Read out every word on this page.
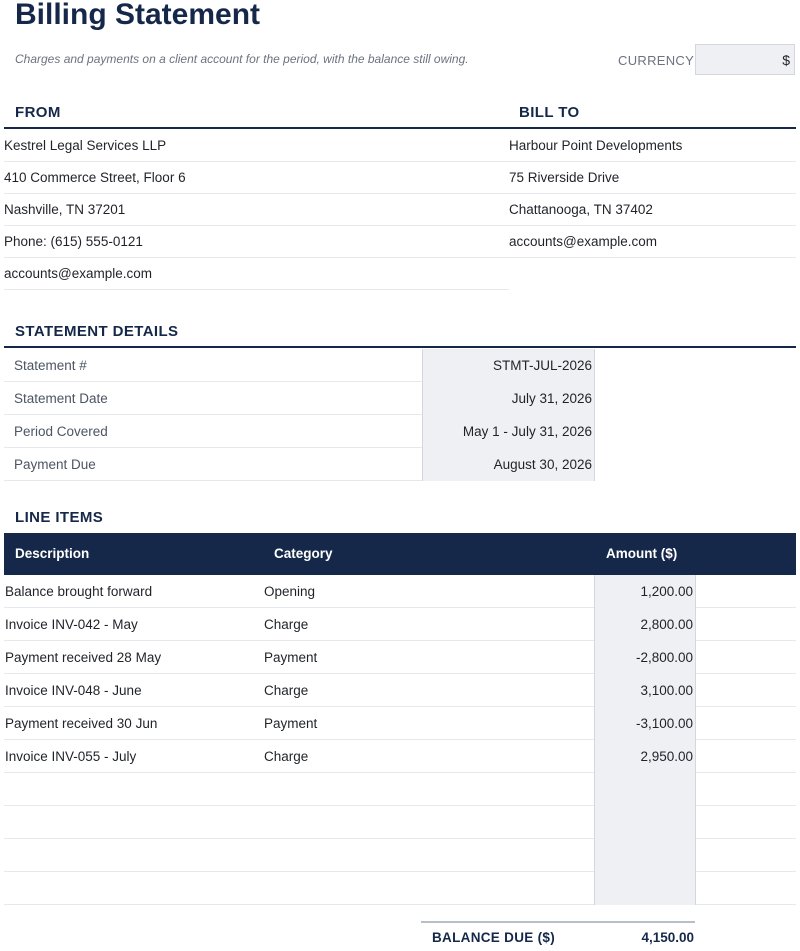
Billing Statement
Charges and payments on a client account for the period, with the balance still owing.	CURRENCY	$
FROM	BILL TO
Kestrel Legal Services LLP
410 Commerce Street, Floor 6
Nashville, TN 37201
Phone: (615) 555-0121
accounts@example.com
Harbour Point Developments
75 Riverside Drive
Chattanooga, TN 37402
accounts@example.com
STATEMENT DETAILS
Statement #	STMT-JUL-2026
Statement Date	July 31, 2026
Period Covered	May 1 - July 31, 2026
Payment Due	August 30, 2026
LINE ITEMS
Description	Category	Amount ($)
Balance brought forward	Opening	1,200.00
Invoice INV-042 - May	Charge	2,800.00
Payment received 28 May	Payment	-2,800.00
Invoice INV-048 - June	Charge	3,100.00
Payment received 30 Jun	Payment	-3,100.00
Invoice INV-055 - July	Charge	2,950.00
BALANCE DUE ($)	4,150.00
